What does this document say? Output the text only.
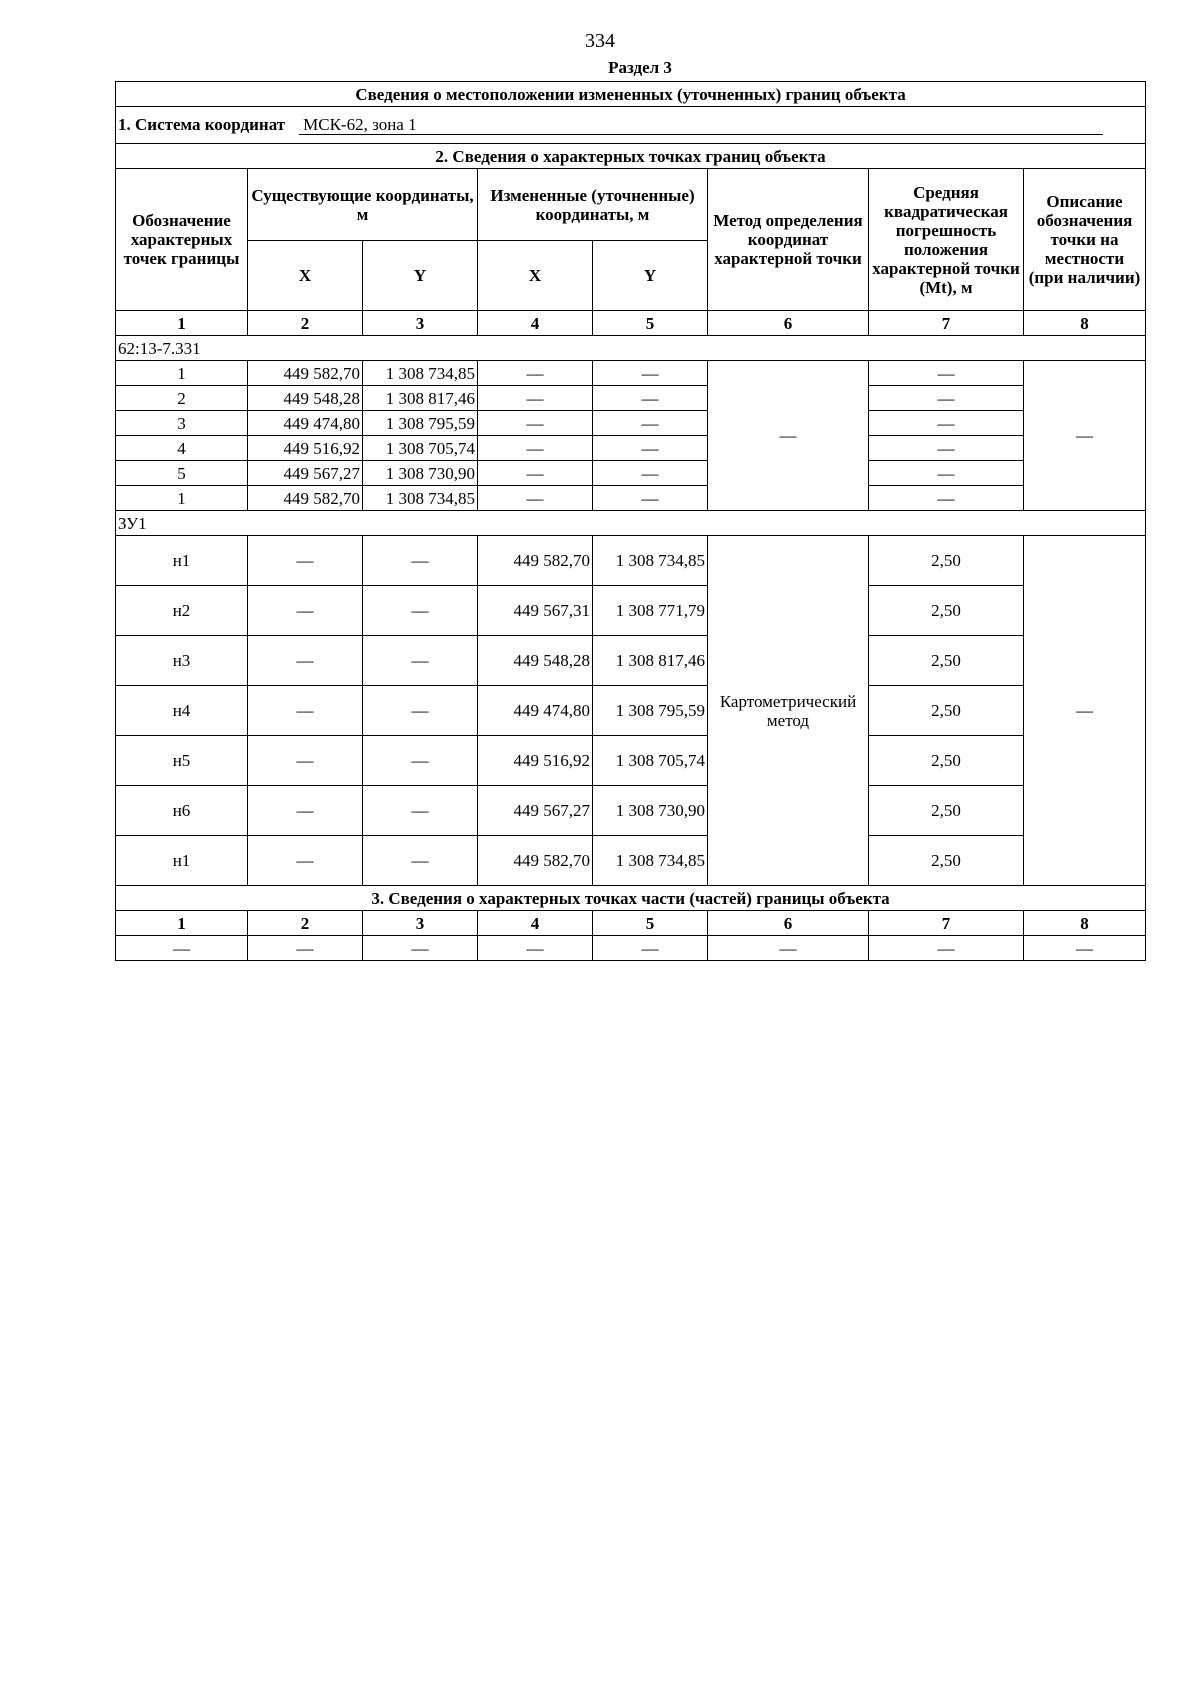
334
Раздел 3
Сведения о местоположении измененных (уточненных) границ объекта							
1. Система координат МСК-62, зона 1							
2. Сведения о характерных точках границ объекта							
Обозначение характерных точек границы	Существующие координаты, м		Измененные (уточненные) координаты, м		Метод определения координат характерной точки	Средняя квадратическая погрешность положения характерной точки (Mt), м	Описание обозначения точки на местности (при наличии)
	X	Y	X	Y			
1	2	3	4	5	6	7	8
62:13-7.331							
1	449 582,70	1 308 734,85	—	—	—	—	—
2	449 548,28	1 308 817,46	—	—		—	
3	449 474,80	1 308 795,59	—	—		—	
4	449 516,92	1 308 705,74	—	—		—	
5	449 567,27	1 308 730,90	—	—		—	
1	449 582,70	1 308 734,85	—	—		—	
ЗУ1							
н1	—	—	449 582,70	1 308 734,85	Картометрический метод	2,50	—
н2	—	—	449 567,31	1 308 771,79		2,50	
н3	—	—	449 548,28	1 308 817,46		2,50	
н4	—	—	449 474,80	1 308 795,59		2,50	
н5	—	—	449 516,92	1 308 705,74		2,50	
н6	—	—	449 567,27	1 308 730,90		2,50	
н1	—	—	449 582,70	1 308 734,85		2,50	
3. Сведения о характерных точках части (частей) границы объекта							
1	2	3	4	5	6	7	8
—	—	—	—	—	—	—	—
